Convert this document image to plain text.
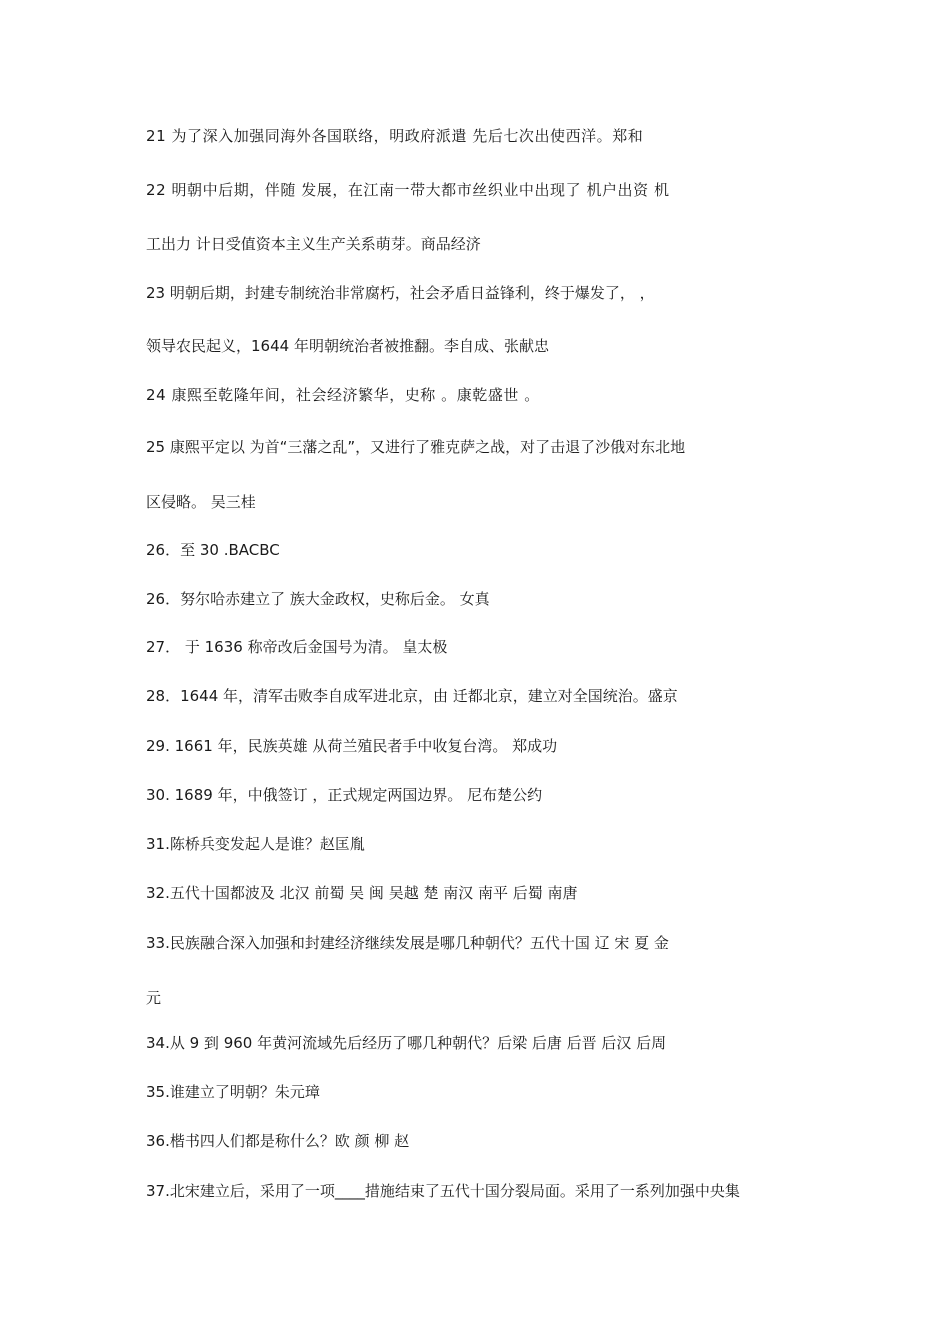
21 为了深入加强同海外各国联络，明政府派遣 先后七次出使西洋。郑和
22 明朝中后期，伴随 发展，在江南一带大都市丝织业中出现了 机户出资 机
工出力 计日受值资本主义生产关系萌芽。商品经济
23 明朝后期，封建专制统治非常腐朽，社会矛盾日益锋利，终于爆发了， ，
领导农民起义，1644 年明朝统治者被推翻。李自成、张献忠
24 康熙至乾隆年间，社会经济繁华，史称 。康乾盛世 。
25 康熙平定以 为首“三藩之乱”，又进行了雅克萨之战，对了击退了沙俄对东北地
区侵略。 吴三桂
26．至 30 .BACBC
26．努尔哈赤建立了 族大金政权，史称后金。 女真
27． 于 1636 称帝改后金国号为清。 皇太极
28．1644 年，清军击败李自成军进北京，由 迁都北京，建立对全国统治。盛京
29. 1661 年，民族英雄 从荷兰殖民者手中收复台湾。 郑成功
30. 1689 年，中俄签订 ，正式规定两国边界。 尼布楚公约
31.陈桥兵变发起人是谁？赵匡胤
32.五代十国都波及 北汉 前蜀 吴 闽 吴越 楚 南汉 南平 后蜀 南唐
33.民族融合深入加强和封建经济继续发展是哪几种朝代？五代十国 辽 宋 夏 金
元
34.从 9 到 960 年黄河流域先后经历了哪几种朝代？后梁 后唐 后晋 后汉 后周
35.谁建立了明朝？朱元璋
36.楷书四人们都是称什么？欧 颜 柳 赵
37.北宋建立后，采用了一项____措施结束了五代十国分裂局面。采用了一系列加强中央集
